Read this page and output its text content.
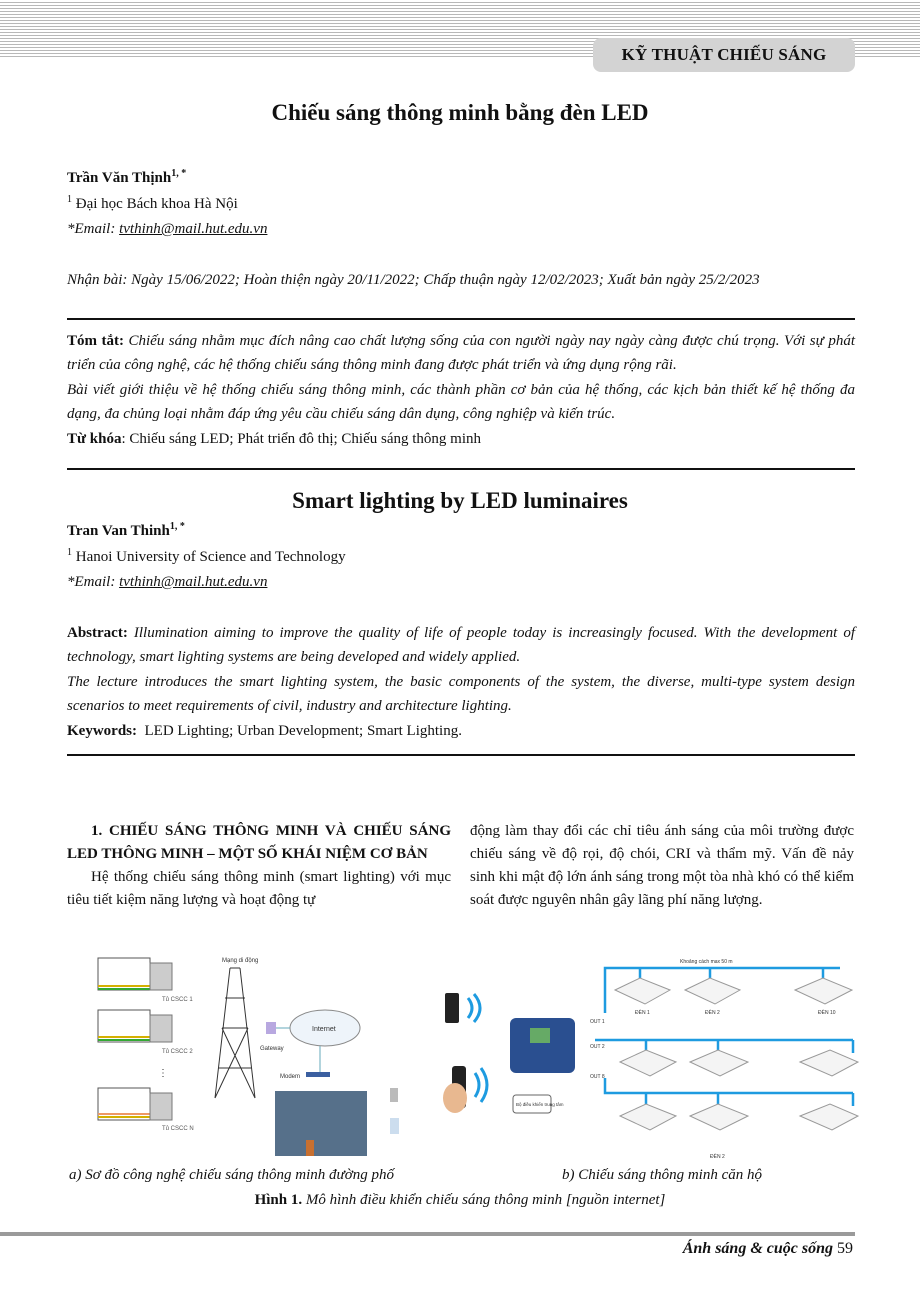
KỸ THUẬT CHIẾU SÁNG
Chiếu sáng thông minh bằng đèn LED
Trần Văn Thịnh$^{1, *}$
$^1$ Đại học Bách khoa Hà Nội
*Email: tvthinh@mail.hut.edu.vn
Nhận bài: Ngày 15/06/2022; Hoàn thiện ngày 20/11/2022; Chấp thuận ngày 12/02/2023; Xuất bản ngày 25/2/2023

Tóm tắt: Chiếu sáng nhằm mục đích nâng cao chất lượng sống của con người ngày nay ngày càng được chú trọng. Với sự phát triển của công nghệ, các hệ thống chiếu sáng thông minh đang được phát triển và ứng dụng rộng rãi.

Bài viết giới thiệu về hệ thống chiếu sáng thông minh, các thành phần cơ bản của hệ thống, các kịch bản thiết kế hệ thống đa dạng, đa chủng loại nhằm đáp ứng yêu cầu chiếu sáng dân dụng, công nghiệp và kiến trúc.

Từ khóa: Chiếu sáng LED; Phát triển đô thị; Chiếu sáng thông minh

Smart lighting by LED luminaires
Tran Van Thinh$^{1, *}$
$^1$ Hanoi University of Science and Technology
*Email: tvthinh@mail.hut.edu.vn

Abstract: Illumination aiming to improve the quality of life of people today is increasingly focused. With the development of technology, smart lighting systems are being developed and widely applied.

The lecture introduces the smart lighting system, the basic components of the system, the diverse, multi-type system design scenarios to meet requirements of civil, industry and architecture lighting.

Keywords: LED Lighting; Urban Development; Smart Lighting.

1. CHIẾU SÁNG THÔNG MINH VÀ CHIẾU SÁNG LED THÔNG MINH – MỘT SỐ KHÁI NIỆM CƠ BẢN

Hệ thống chiếu sáng thông minh (smart lighting) với mục tiêu tiết kiệm năng lượng và hoạt động tự

động làm thay đổi các chỉ tiêu ánh sáng của môi trường được chiếu sáng về độ rọi, độ chói, CRI và thẩm mỹ. Vấn đề nảy sinh khi mật độ lớn ánh sáng trong một tòa nhà khó có thể kiểm soát được nguyên nhân gây lãng phí năng lượng.

Tủ CSCC 1
Tủ CSCC 2
⋮
Tủ CSCC N
Mạng di động
Internet
Gateway
Modem
Bộ điều khiển trung tâm
Khoảng cách max 50 m
OUT 1
OUT 2
OUT 8
ĐÈN 1	ĐÈN 2	ĐÈN 10
ĐÈN 2
a) Sơ đồ công nghệ chiếu sáng thông minh đường phố	b) Chiếu sáng thông minh căn hộ
Hình 1. Mô hình điều khiển chiếu sáng thông minh [nguồn internet]
Ánh sáng & cuộc sống 59
